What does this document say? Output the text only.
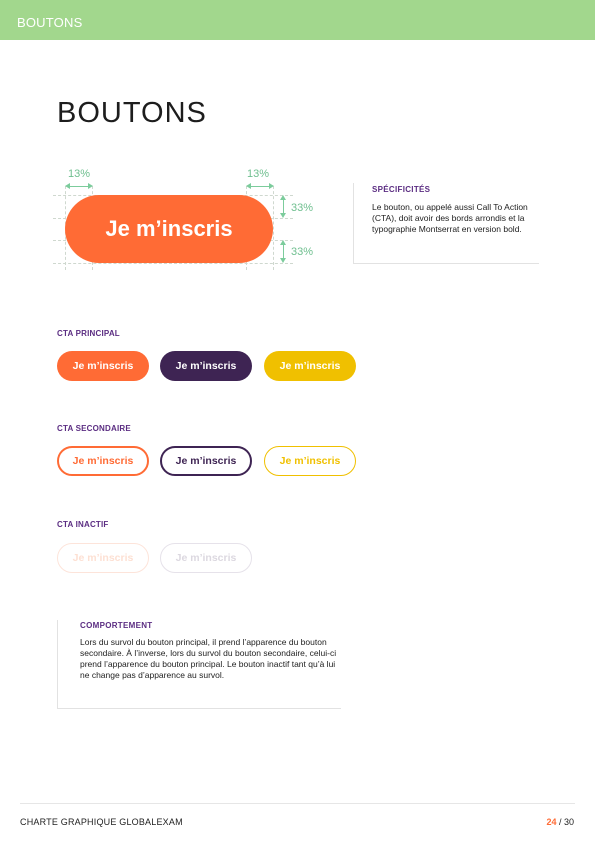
BOUTONS
BOUTONS
13%	13%
33%
33%
Je m’inscris
SPÉCIFICITÉS
Le bouton, ou appelé aussi Call To Action (CTA), doit avoir des bords arrondis et la typographie Montserrat en version bold.
CTA PRINCIPAL
Je m’inscris	Je m’inscris	Je m’inscris
CTA SECONDAIRE
Je m’inscris	Je m’inscris	Je m’inscris
CTA INACTIF
Je m’inscris	Je m’inscris
COMPORTEMENT
Lors du survol du bouton principal, il prend l’apparence du bouton secondaire. À l’inverse, lors du survol du bouton secondaire, celui-ci prend l’apparence du bouton principal. Le bouton inactif tant qu’à lui ne change pas d’apparence au survol.
CHARTE GRAPHIQUE GLOBALEXAM	24 / 30
